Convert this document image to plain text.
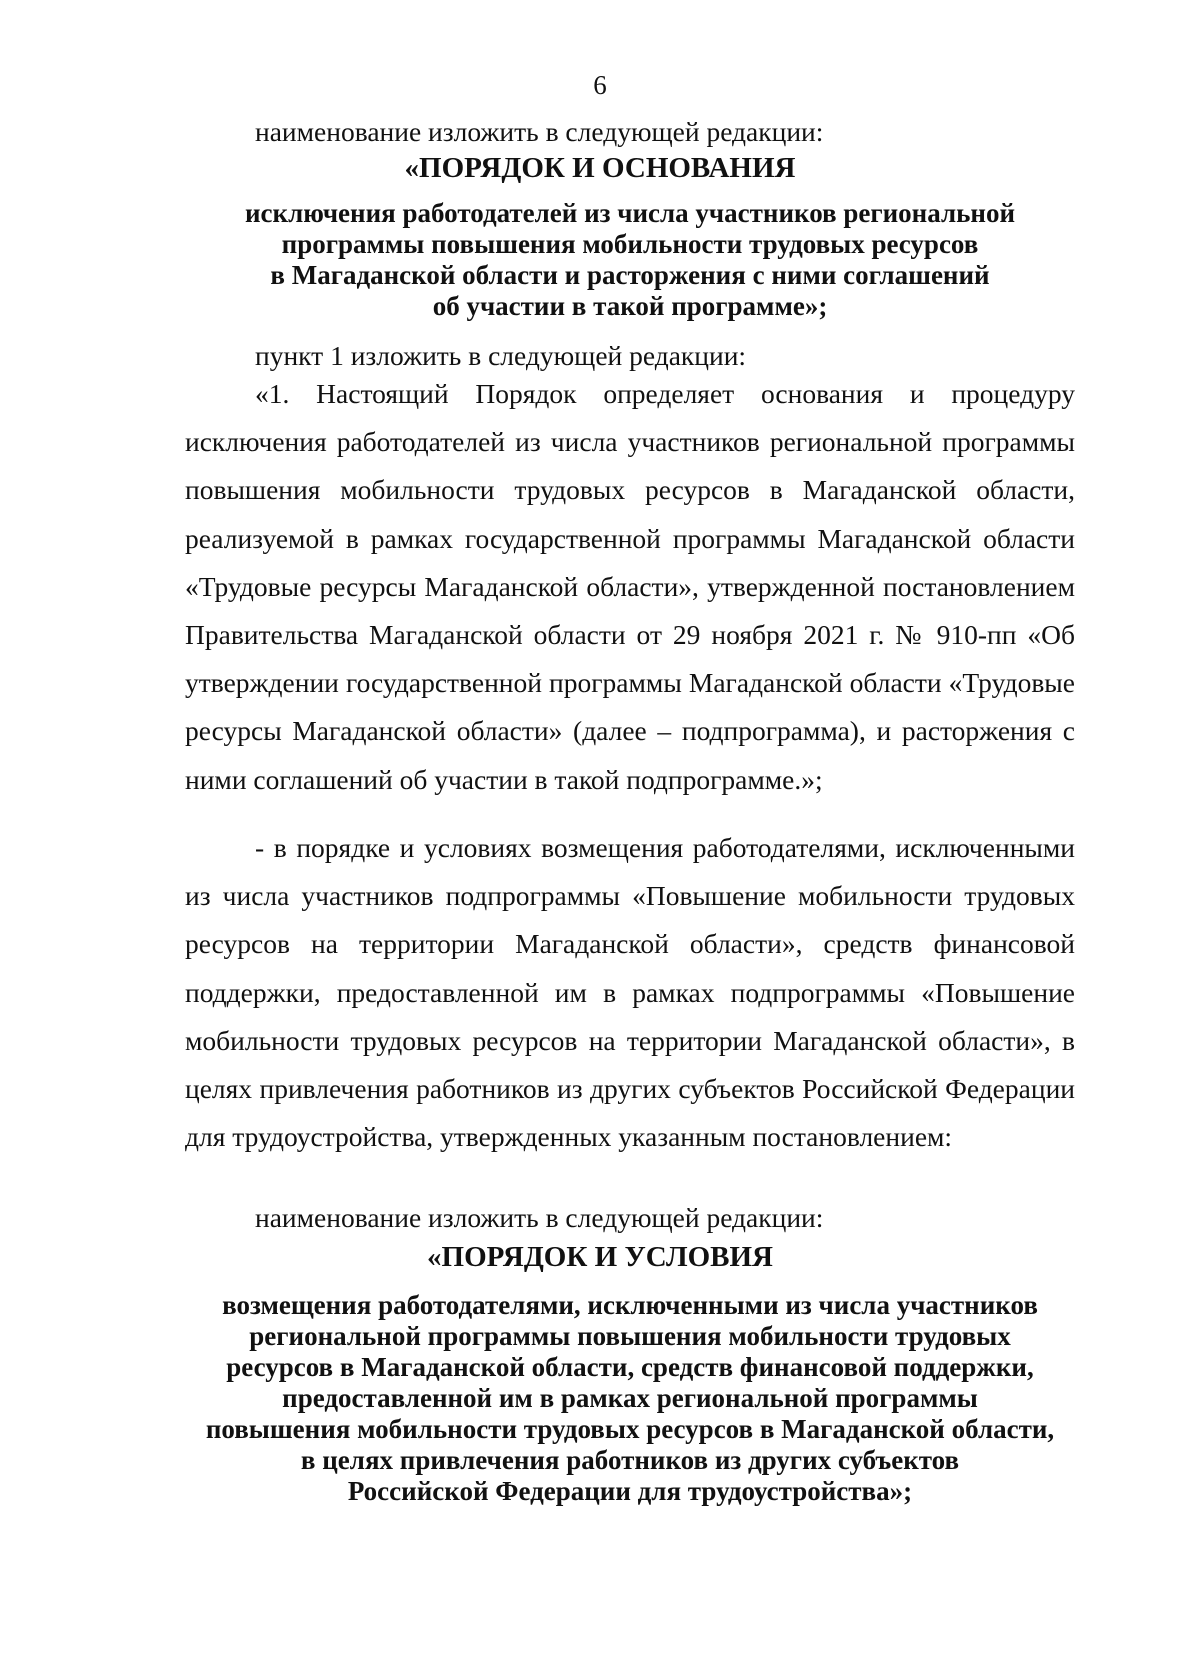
6

наименование изложить в следующей редакции:

«ПОРЯДОК И ОСНОВАНИЯ
исключения работодателей из числа участников региональной
программы повышения мобильности трудовых ресурсов
в Магаданской области и расторжения с ними соглашений
об участии в такой программе»;

пункт 1 изложить в следующей редакции:

«1. Настоящий Порядок определяет основания и процедуру исключения работодателей из числа участников региональной программы повышения мобильности трудовых ресурсов в Магаданской области, реализуемой в рамках государственной программы Магаданской области «Трудовые ресурсы Магаданской области», утвержденной постановлением Правительства Магаданской области от 29 ноября 2021 г. № 910-пп «Об утверждении государственной программы Магаданской области «Трудовые ресурсы Магаданской области» (далее – подпрограмма), и расторжения с ними соглашений об участии в такой подпрограмме.»;

- в порядке и условиях возмещения работодателями, исключенными из числа участников подпрограммы «Повышение мобильности трудовых ресурсов на территории Магаданской области», средств финансовой поддержки, предоставленной им в рамках подпрограммы «Повышение мобильности трудовых ресурсов на территории Магаданской области», в целях привлечения работников из других субъектов Российской Федерации для трудоустройства, утвержденных указанным постановлением:

наименование изложить в следующей редакции:

«ПОРЯДОК И УСЛОВИЯ
возмещения работодателями, исключенными из числа участников
региональной программы повышения мобильности трудовых
ресурсов в Магаданской области, средств финансовой поддержки,
предоставленной им в рамках региональной программы
повышения мобильности трудовых ресурсов в Магаданской области,
в целях привлечения работников из других субъектов
Российской Федерации для трудоустройства»;
